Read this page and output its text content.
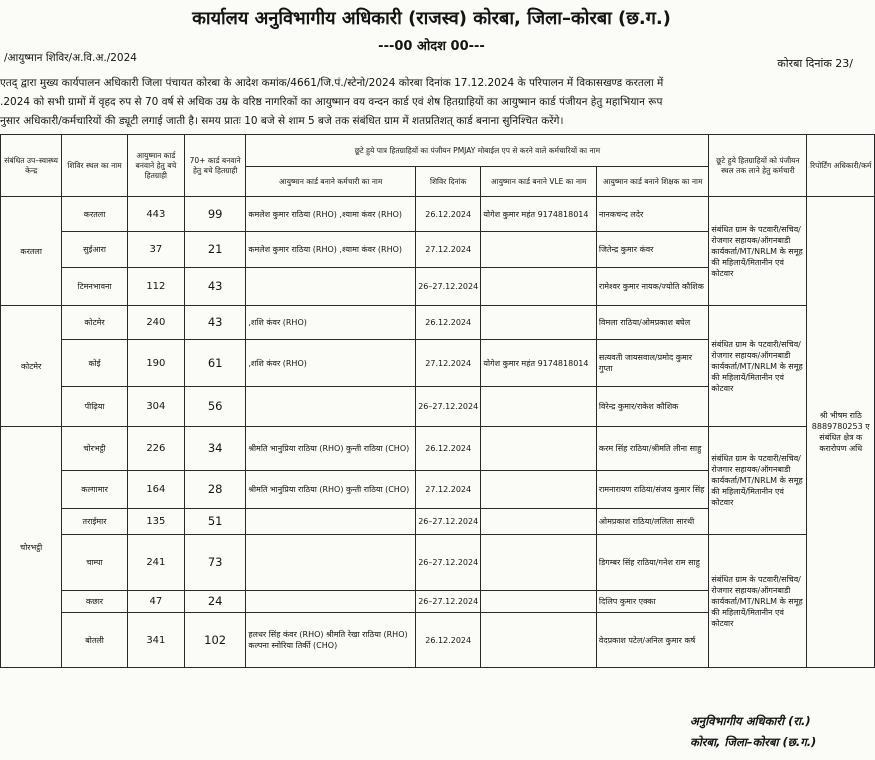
कार्यालय अनुविभागीय अधिकारी (राजस्व) कोरबा, जिला–कोरबा (छ.ग.)
---00 ओदश 00---
/आयुष्मान शिविर/अ.वि.अ./2024	कोरबा दिनांक 23/
एतद् द्वारा मुख्य कार्यपालन अधिकारी जिला पंचायत कोरबा के आदेश कमांक/4661/जि.पं./स्टेनो/2024 कोरबा दिनांक 17.12.2024 के परिपालन में विकासखण्ड करतला में
.2024 को सभी ग्रामों में वृहद रुप से 70 वर्ष से अधिक उम्र के वरिष्ठ नागरिकों का आयुष्मान वय वन्दन कार्ड एवं शेष हितग्राहियों का आयुष्मान कार्ड पंजीयन हेतु महाभियान रूप
नुसार अधिकारी/कर्मचारियों की ड्यूटी लगाई जाती है। समय प्रातः 10 बजे से शाम 5 बजे तक संबंधित ग्राम में शतप्रतिशत् कार्ड बनाना सुनिश्चित करेंगे।
संबंधित उप–स्वास्थ्य केन्द्र	शिविर स्थल का नाम	आयुष्मान कार्ड बनवाने हेतु बचे हितग्राही	70+ कार्ड बनवाने हेतु बचे हितग्राही	छूटे हुये पात्र हितग्राहियों का पंजीयन PMJAY मोबाईल एप से करने वाले कर्मचारियों का नाम				छूटे हुये हितग्राहियों को पंजीयन स्थल तक लाने हेतु कर्मचारी	रिपोर्टिंग अधिकारी/कर्म
				आयुष्मान कार्ड बनाने कर्मचारी का नाम	शिविर दिनांक	आयुष्मान कार्ड बनाने VLE का नाम	आयुष्मान कार्ड बनाने शिक्षक का नाम		
करतला	करतला	443	99	कमलेश कुमार राठिया (RHO) ,श्यामा कंवर (RHO)	26.12.2024	योगेश कुमार महंत 9174818014	नानकचन्द लदेर	संबंधित ग्राम के पटवारी/सचिव/रोजगार सहायक/ऑगनबाडी कार्यकर्ता/MT/NRLM के समूह की महिलायें/मितानीन एवं कोटवार	श्री भीषम राठि 8889780253 ए संबंधित क्षेत्र क करारोपण अधि
	सुईआरा	37	21	कमलेश कुमार राठिया (RHO) ,श्यामा कंवर (RHO)	27.12.2024		जितेन्द्र कुमार कंवर		
	टिमनभावना	112	43		26–27.12.2024		रामेश्वर कुमार नायक/ज्योति कौशिक		
कोटमेर	कोटमेर	240	43	,शशि कंवर (RHO)	26.12.2024		विमला राठिया/ओमप्रकाश बघेल	संबंधित ग्राम के पटवारी/सचिव/रोजगार सहायक/ऑगनबाडी कार्यकर्ता/MT/NRLM के समूह की महिलायें/मितानीन एवं कोटवार	
	कोई	190	61	,शशि कंवर (RHO)	27.12.2024	योगेश कुमार महंत 9174818014	सत्यवती जायसवाल/प्रमोद कुमार गुप्ता		
	पीढ़िया	304	56		26–27.12.2024		विरेन्द्र कुमार/राकेश कौशिक		
चोरभट्ठी	चोरभट्ठी	226	34	श्रीमति भानुप्रिया राठिया (RHO) कुन्ती राठिया (CHO)	26.12.2024		करम सिंह राठिया/श्रीमति लीना साहु	संबंधित ग्राम के पटवारी/सचिव/रोजगार सहायक/ऑगनबाडी कार्यकर्ता/MT/NRLM के समूह की महिलायें/मितानीन एवं कोटवार	
	कल्गामार	164	28	श्रीमति भानुप्रिया राठिया (RHO) कुन्ती राठिया (CHO)	27.12.2024		रामनारायण राठिया/संजय कुमार सिंह		
	तराईमार	135	51		26–27.12.2024		ओमप्रकाश राठिया/ललिता सारथी		
	चाम्पा	241	73		26–27.12.2024		डिगम्बर सिंह राठिया/गनेश राम साहु	संबंधित ग्राम के पटवारी/सचिव/रोजगार सहायक/ऑगनबाडी कार्यकर्ता/MT/NRLM के समूह की महिलायें/मितानीन एवं कोटवार	
	कछार	47	24		26–27.12.2024		दिलिप कुमार एक्का		
	बोतली	341	102	हलधर सिंह कंवर (RHO) श्रीमति रेखा राठिया (RHO) कल्पना स्नोरिया तिर्की (CHO)	26.12.2024		वेदप्रकाश पटेल/अनिल कुमार कर्ष		
अनुविभागीय अधिकारी (रा.)
कोरबा, जिला–कोरबा (छ.ग.)
